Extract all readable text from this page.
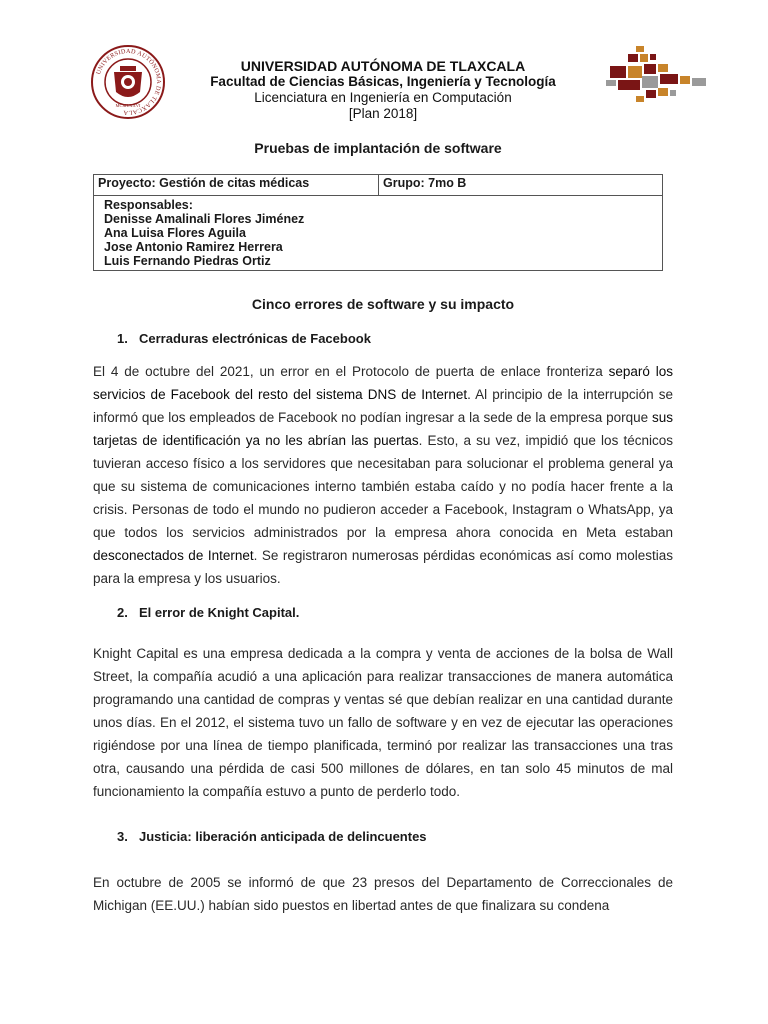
UNIVERSIDAD AUTÓNOMA DE TLAXCALA
MCMLXXVI
UNIVERSIDAD AUTÓNOMA DE TLAXCALA
Facultad de Ciencias Básicas, Ingeniería y Tecnología
Licenciatura en Ingeniería en Computación
[Plan 2018]
Pruebas de implantación de software
Proyecto: Gestión de citas médicas	Grupo: 7mo B

Responsables:
Denisse Amalinali Flores Jiménez
Ana Luisa Flores Aguila
Jose Antonio Ramirez Herrera
Luis Fernando Piedras Ortiz
Cinco errores de software y su impacto
1. Cerraduras electrónicas de Facebook
El 4 de octubre del 2021, un error en el Protocolo de puerta de enlace fronteriza separó los servicios de Facebook del resto del sistema DNS de Internet. Al principio de la interrupción se informó que los empleados de Facebook no podían ingresar a la sede de la empresa porque sus tarjetas de identificación ya no les abrían las puertas. Esto, a su vez, impidió que los técnicos tuvieran acceso físico a los servidores que necesitaban para solucionar el problema general ya que su sistema de comunicaciones interno también estaba caído y no podía hacer frente a la crisis. Personas de todo el mundo no pudieron acceder a Facebook, Instagram o WhatsApp, ya que todos los servicios administrados por la empresa ahora conocida en Meta estaban desconectados de Internet. Se registraron numerosas pérdidas económicas así como molestias para la empresa y los usuarios.
2. El error de Knight Capital.
Knight Capital es una empresa dedicada a la compra y venta de acciones de la bolsa de Wall Street, la compañía acudió a una aplicación para realizar transacciones de manera automática programando una cantidad de compras y ventas sé que debían realizar en una cantidad durante unos días. En el 2012, el sistema tuvo un fallo de software y en vez de ejecutar las operaciones rigiéndose por una línea de tiempo planificada, terminó por realizar las transacciones una tras otra, causando una pérdida de casi 500 millones de dólares, en tan solo 45 minutos de mal funcionamiento la compañía estuvo a punto de perderlo todo.
3. Justicia: liberación anticipada de delincuentes
En octubre de 2005 se informó de que 23 presos del Departamento de Correccionales de Michigan (EE.UU.) habían sido puestos en libertad antes de que finalizara su condena
